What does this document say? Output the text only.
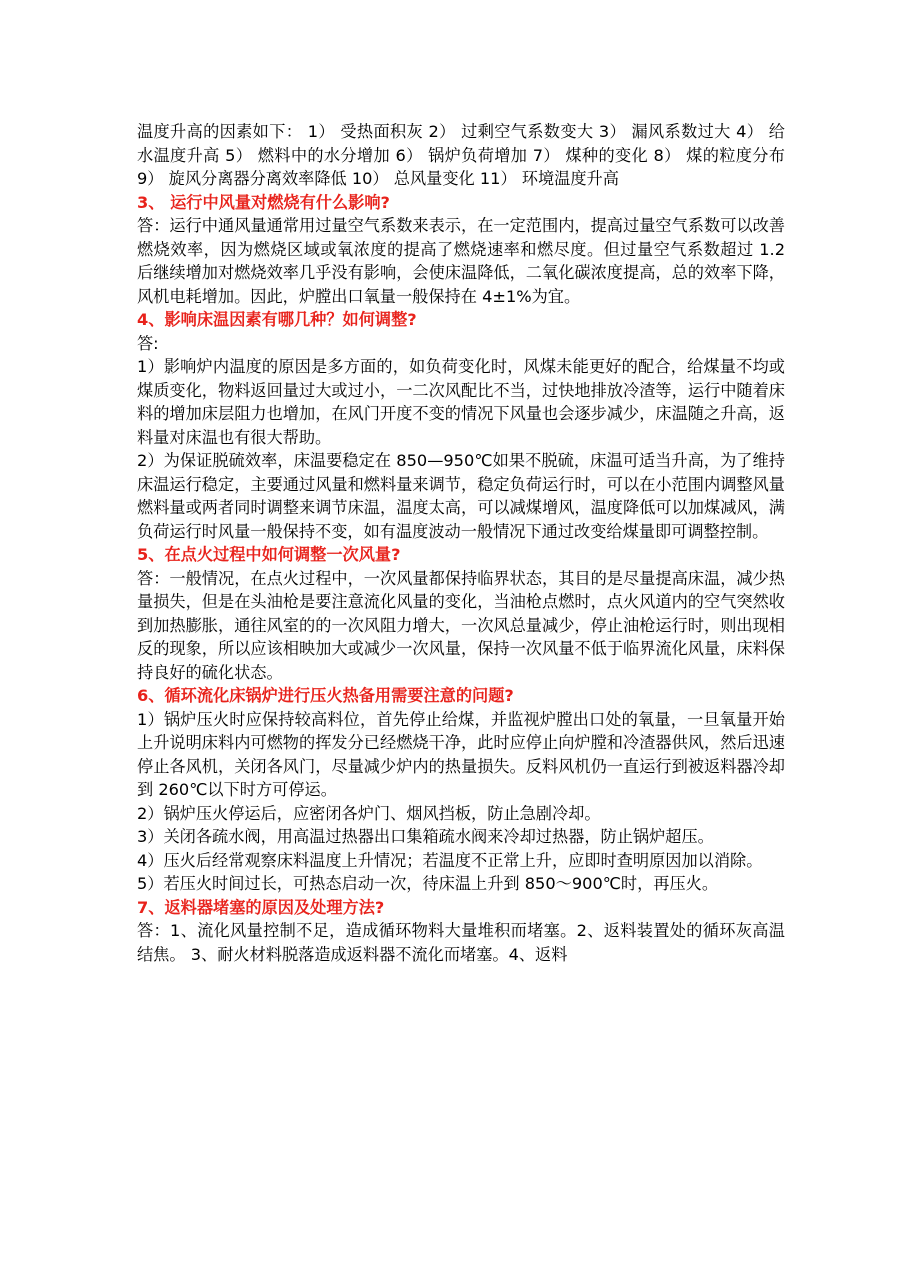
温度升高的因素如下： 1） 受热面积灰 2） 过剩空气系数变大 3） 漏风系数过大 4） 给水温度升高 5） 燃料中的水分增加 6） 锅炉负荷增加 7） 煤种的变化 8） 煤的粒度分布 9） 旋风分离器分离效率降低 10） 总风量变化 11） 环境温度升高

3、 运行中风量对燃烧有什么影响?

答：运行中通风量通常用过量空气系数来表示，在一定范围内，提高过量空气系数可以改善燃烧效率，因为燃烧区域或氧浓度的提高了燃烧速率和燃尽度。但过量空气系数超过 1.2 后继续增加对燃烧效率几乎没有影响，会使床温降低，二氧化碳浓度提高，总的效率下降，风机电耗增加。因此，炉膛出口氧量一般保持在 4±1%为宜。

4、影响床温因素有哪几种？如何调整?

答:

1）影响炉内温度的原因是多方面的，如负荷变化时，风煤未能更好的配合，给煤量不均或煤质变化，物料返回量过大或过小，一二次风配比不当，过快地排放冷渣等，运行中随着床料的增加床层阻力也增加，在风门开度不变的情况下风量也会逐步减少，床温随之升高，返料量对床温也有很大帮助。

2）为保证脱硫效率，床温要稳定在 850—950℃如果不脱硫，床温可适当升高，为了维持床温运行稳定，主要通过风量和燃料量来调节，稳定负荷运行时，可以在小范围内调整风量燃料量或两者同时调整来调节床温，温度太高，可以减煤增风，温度降低可以加煤减风，满负荷运行时风量一般保持不变，如有温度波动一般情况下通过改变给煤量即可调整控制。

5、在点火过程中如何调整一次风量?

答：一般情况，在点火过程中，一次风量都保持临界状态，其目的是尽量提高床温，减少热量损失，但是在头油枪是要注意流化风量的变化，当油枪点燃时，点火风道内的空气突然收到加热膨胀，通往风室的的一次风阻力增大，一次风总量减少，停止油枪运行时，则出现相反的现象，所以应该相映加大或减少一次风量，保持一次风量不低于临界流化风量，床料保持良好的硫化状态。

6、循环流化床锅炉进行压火热备用需要注意的问题?

1）锅炉压火时应保持较高料位，首先停止给煤，并监视炉膛出口处的氧量，一旦氧量开始上升说明床料内可燃物的挥发分已经燃烧干净，此时应停止向炉膛和冷渣器供风，然后迅速停止各风机，关闭各风门，尽量减少炉内的热量损失。反料风机仍一直运行到被返料器冷却到 260℃以下时方可停运。

2）锅炉压火停运后，应密闭各炉门、烟风挡板，防止急剧冷却。

3）关闭各疏水阀，用高温过热器出口集箱疏水阀来冷却过热器，防止锅炉超压。

4）压火后经常观察床料温度上升情况；若温度不正常上升，应即时查明原因加以消除。

5）若压火时间过长，可热态启动一次，待床温上升到 850～900℃时，再压火。

7、返料器堵塞的原因及处理方法?

答：1、流化风量控制不足，造成循环物料大量堆积而堵塞。2、返料装置处的循环灰高温结焦。 3、耐火材料脱落造成返料器不流化而堵塞。4、返料
